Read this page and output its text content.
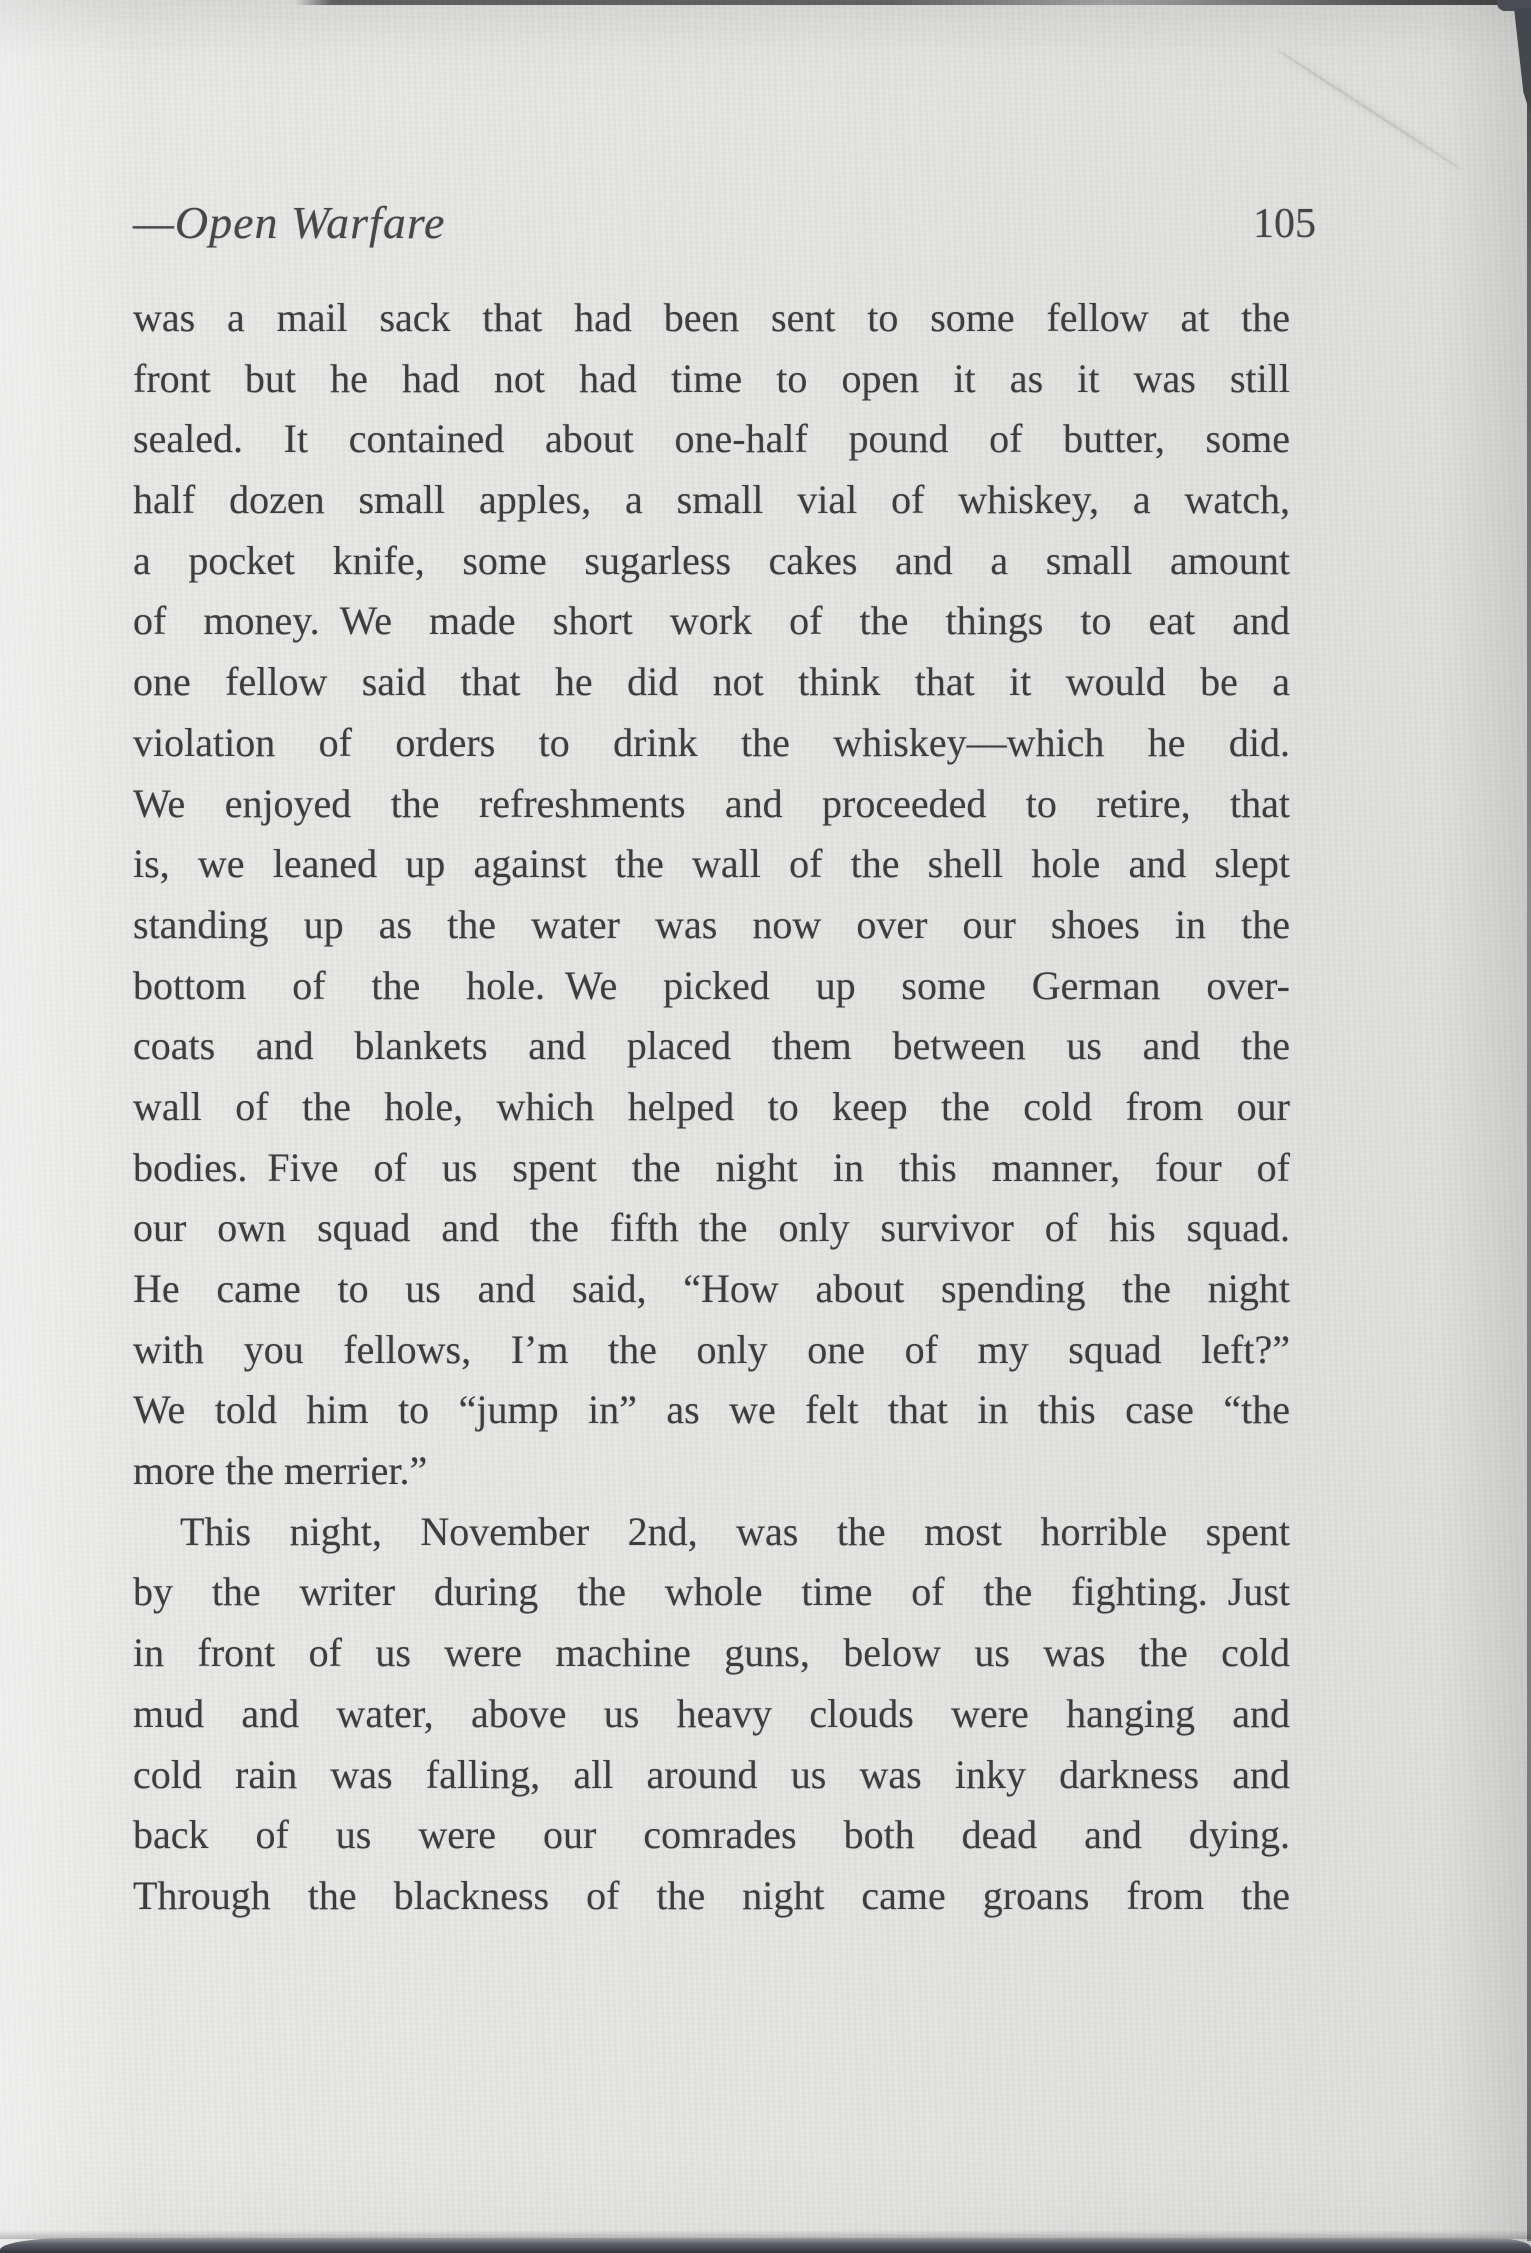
—Open Warfare	105
was a mail sack that had been sent to some fellow at the
front but he had not had time to open it as it was still
sealed. It contained about one-half pound of butter, some
half dozen small apples, a small vial of whiskey, a watch,
a pocket knife, some sugarless cakes and a small amount
of money. We made short work of the things to eat and
one fellow said that he did not think that it would be a
violation of orders to drink the whiskey—which he did.
We enjoyed the refreshments and proceeded to retire, that
is, we leaned up against the wall of the shell hole and slept
standing up as the water was now over our shoes in the
bottom of the hole. We picked up some German over-
coats and blankets and placed them between us and the
wall of the hole, which helped to keep the cold from our
bodies. Five of us spent the night in this manner, four of
our own squad and the fifth the only survivor of his squad.
He came to us and said, “How about spending the night
with you fellows, I’m the only one of my squad left?”
We told him to “jump in” as we felt that in this case “the
more the merrier.”
This night, November 2nd, was the most horrible spent
by the writer during the whole time of the fighting. Just
in front of us were machine guns, below us was the cold
mud and water, above us heavy clouds were hanging and
cold rain was falling, all around us was inky darkness and
back of us were our comrades both dead and dying.
Through the blackness of the night came groans from the
